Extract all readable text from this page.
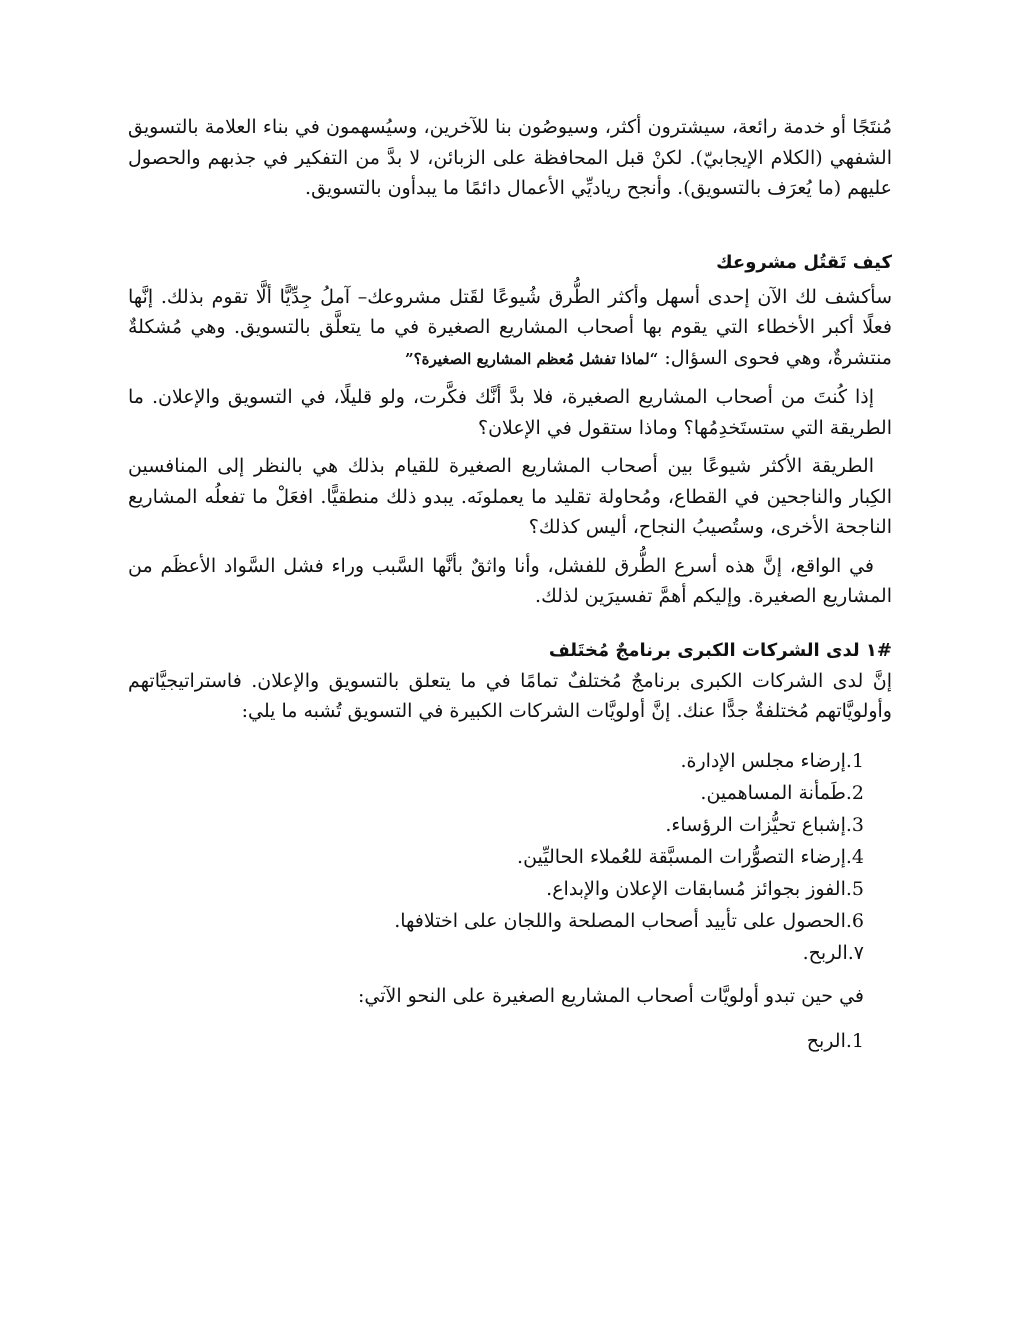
مُنتَجًا أو خدمة رائعة، سيشترون أكثر، وسيوصُون بنا للآخرين، وسيُسهمون في بناء العلامة بالتسويق الشفهي (الكلام الإيجابيّ). لكنْ قبل المحافظة على الزبائن، لا بدَّ من التفكير في جذبهم والحصول عليهم (ما يُعرَف بالتسويق). وأنجح رياديِّي الأعمال دائمًا ما يبدأون بالتسويق.

كيف تَقتُل مشروعك

سأكشف لك الآن إحدى أسهل وأكثر الطُّرق شُيوعًا لقَتل مشروعك– آملُ جِدِّيًّا ألَّا تقوم بذلك. إنَّها فعلًا أكبر الأخطاء التي يقوم بها أصحاب المشاريع الصغيرة في ما يتعلَّق بالتسويق. وهي مُشكلةٌ منتشرةٌ، وهي فحوى السؤال: “لماذا تفشل مُعظم المشاريع الصغيرة؟”

إذا كُنتَ من أصحاب المشاريع الصغيرة، فلا بدَّ أنَّك فكَّرت، ولو قليلًا، في التسويق والإعلان. ما الطريقة التي ستستَخدِمُها؟ وماذا ستقول في الإعلان؟

الطريقة الأكثر شيوعًا بين أصحاب المشاريع الصغيرة للقيام بذلك هي بالنظر إلى المنافسين الكِبار والناجحين في القطاع، ومُحاولة تقليد ما يعملونَه. يبدو ذلك منطقيًّا. افعَلْ ما تفعلُه المشاريع الناجحة الأخرى، وستُصيبُ النجاح، أليس كذلك؟

في الواقع، إنَّ هذه أسرع الطُّرق للفشل، وأنا واثقٌ بأنَّها السَّبب وراء فشل السَّواد الأعظَم من المشاريع الصغيرة. وإليكم أهمَّ تفسيرَين لذلك.

#١ لدى الشركات الكبرى برنامجٌ مُختَلف

إنَّ لدى الشركات الكبرى برنامجٌ مُختلفٌ تمامًا في ما يتعلق بالتسويق والإعلان. فاستراتيجيَّاتهم وأولويَّاتهم مُختلفةٌ جدًّا عنك. إنَّ أولويَّات الشركات الكبيرة في التسويق تُشبه ما يلي:

1.إرضاء مجلس الإدارة.
2.طَمأنة المساهمين.
3.إشباع تحيُّزات الرؤساء.
4.إرضاء التصوُّرات المسبَّقة للعُملاء الحاليِّين.
5.الفوز بجوائز مُسابقات الإعلان والإبداع.
6.الحصول على تأييد أصحاب المصلحة واللجان على اختلافها.
٧.الربح.

في حين تبدو أولويَّات أصحاب المشاريع الصغيرة على النحو الآتي:

1.الربح
